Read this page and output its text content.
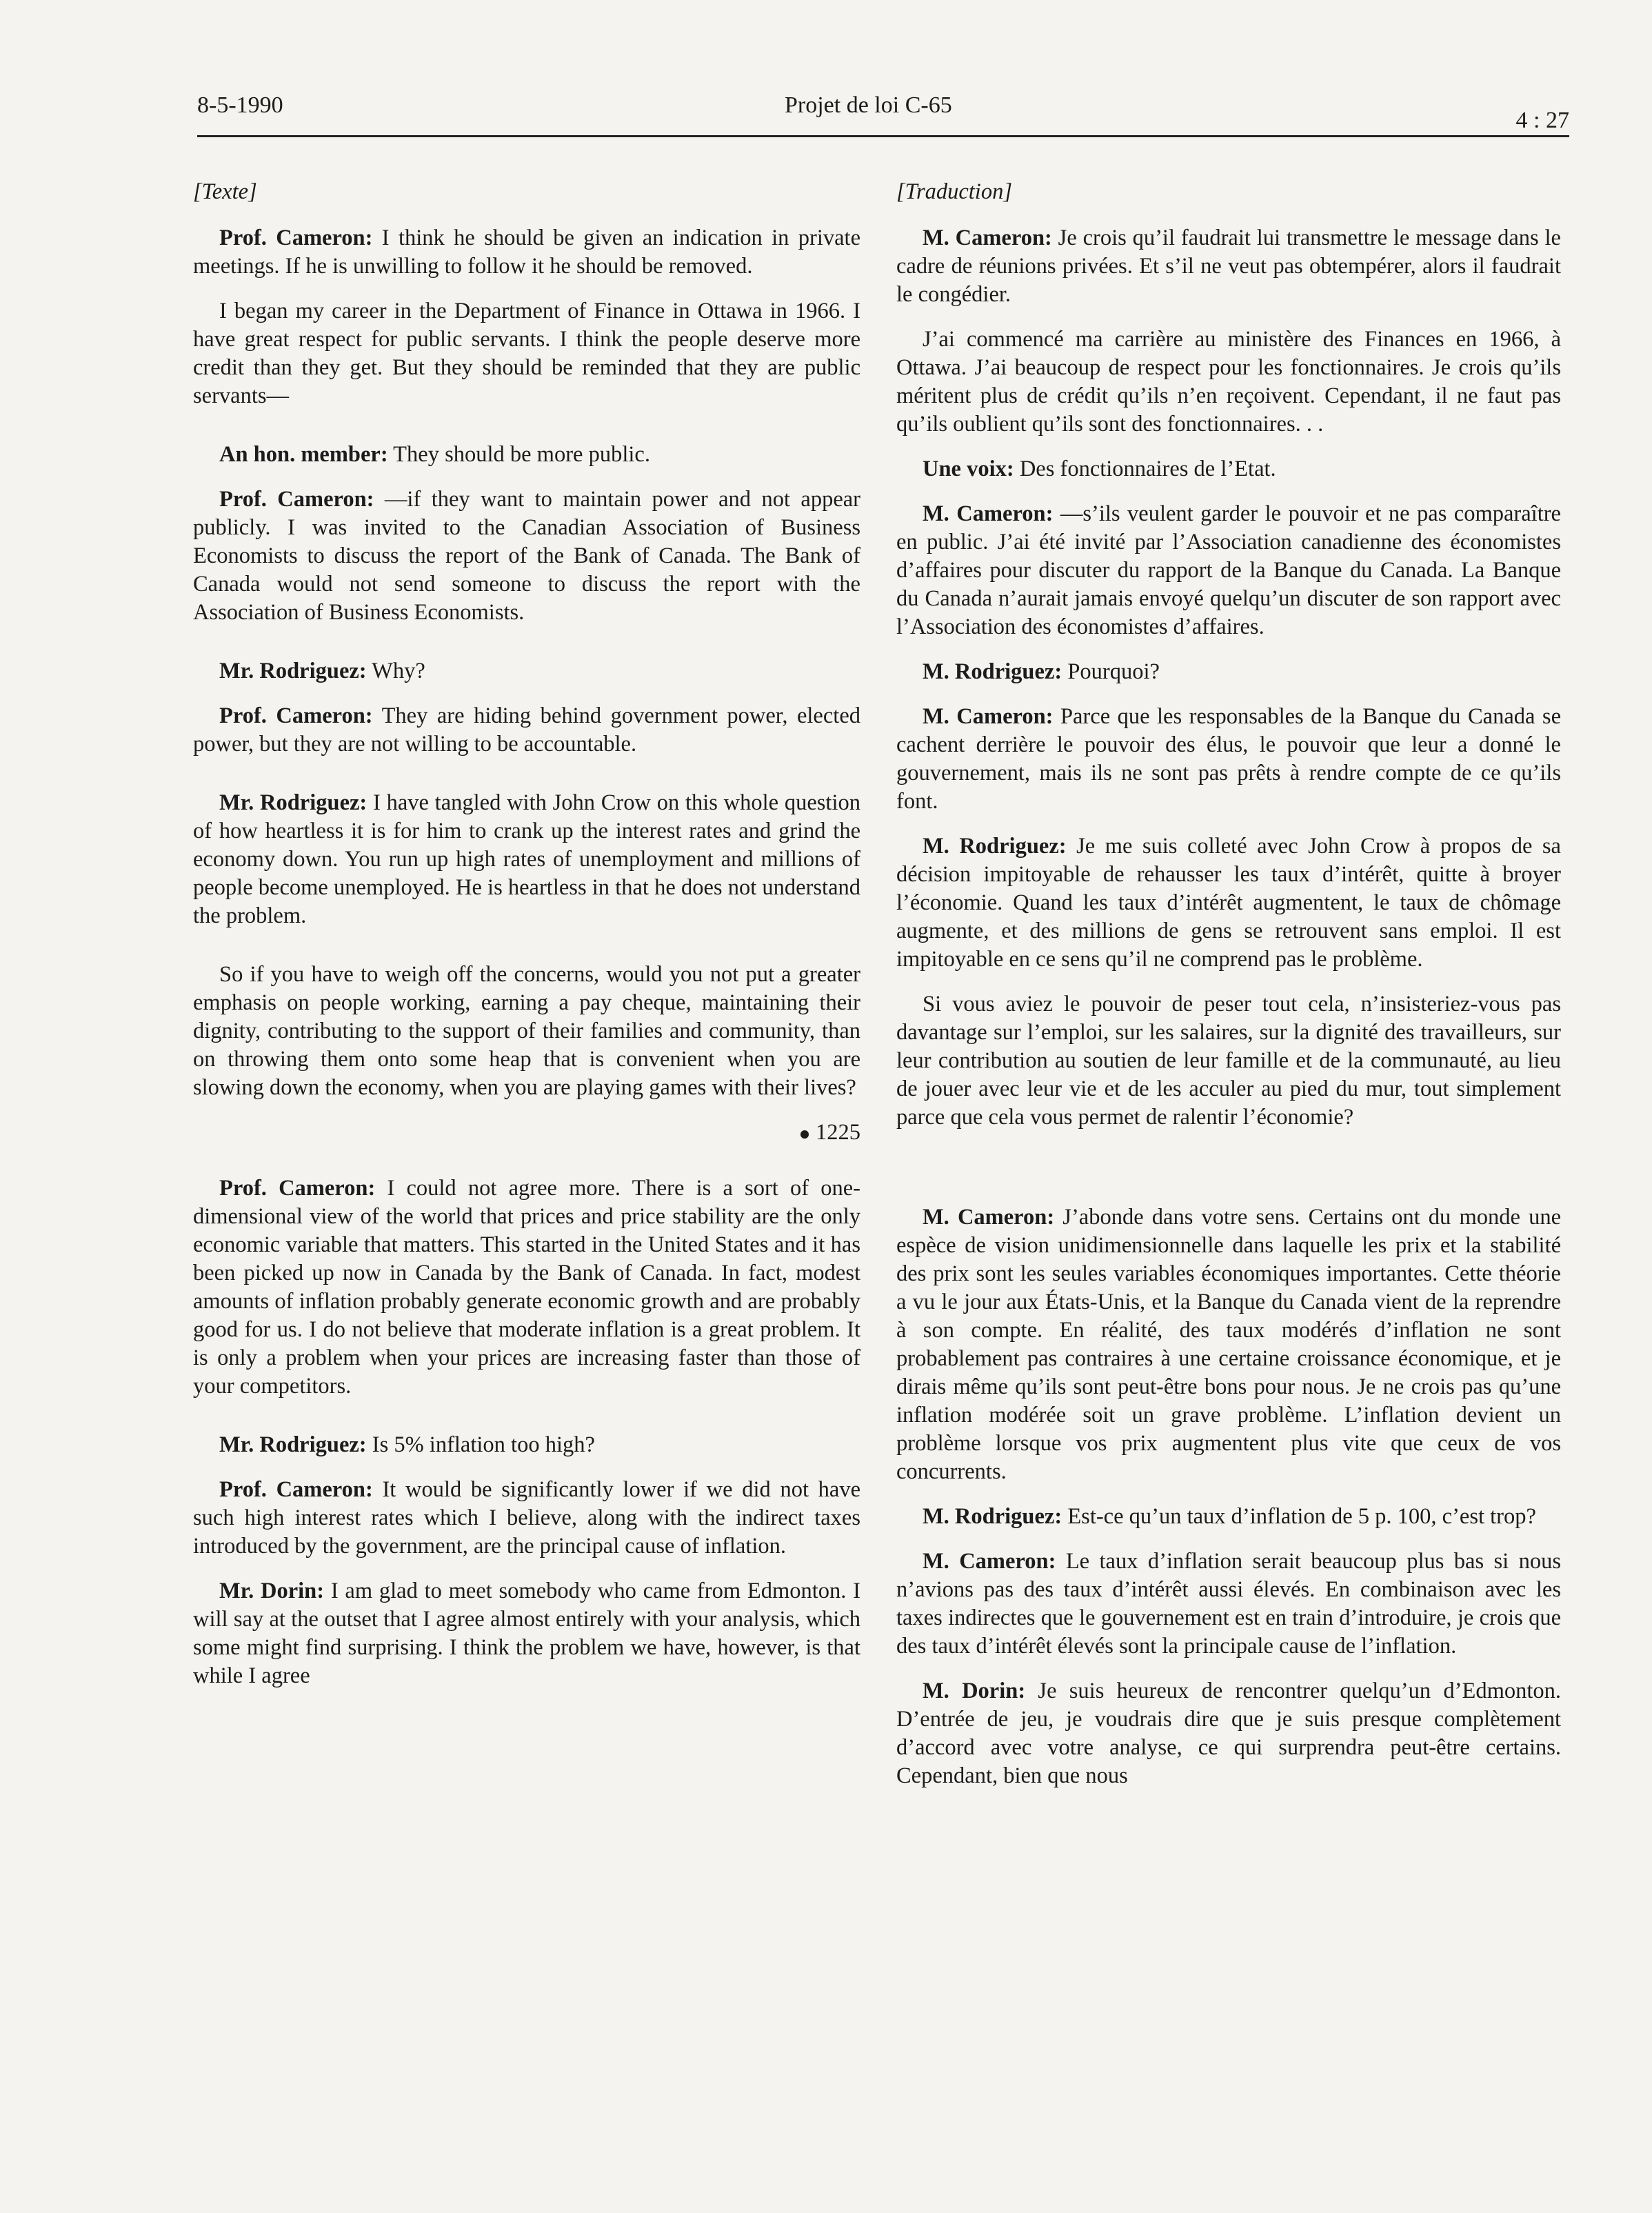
8-5-1990	Projet de loi C-65
4 : 27

[Texte]

Prof. Cameron: I think he should be given an indication in private meetings. If he is unwilling to follow it he should be removed.

I began my career in the Department of Finance in Ottawa in 1966. I have great respect for public servants. I think the people deserve more credit than they get. But they should be reminded that they are public servants—

An hon. member: They should be more public.

Prof. Cameron: —if they want to maintain power and not appear publicly. I was invited to the Canadian Association of Business Economists to discuss the report of the Bank of Canada. The Bank of Canada would not send someone to discuss the report with the Association of Business Economists.

Mr. Rodriguez: Why?

Prof. Cameron: They are hiding behind government power, elected power, but they are not willing to be accountable.

Mr. Rodriguez: I have tangled with John Crow on this whole question of how heartless it is for him to crank up the interest rates and grind the economy down. You run up high rates of unemployment and millions of people become unemployed. He is heartless in that he does not understand the problem.

So if you have to weigh off the concerns, would you not put a greater emphasis on people working, earning a pay cheque, maintaining their dignity, contributing to the support of their families and community, than on throwing them onto some heap that is convenient when you are slowing down the economy, when you are playing games with their lives?

1225

Prof. Cameron: I could not agree more. There is a sort of one-dimensional view of the world that prices and price stability are the only economic variable that matters. This started in the United States and it has been picked up now in Canada by the Bank of Canada. In fact, modest amounts of inflation probably generate economic growth and are probably good for us. I do not believe that moderate inflation is a great problem. It is only a problem when your prices are increasing faster than those of your competitors.

Mr. Rodriguez: Is 5% inflation too high?

Prof. Cameron: It would be significantly lower if we did not have such high interest rates which I believe, along with the indirect taxes introduced by the government, are the principal cause of inflation.

Mr. Dorin: I am glad to meet somebody who came from Edmonton. I will say at the outset that I agree almost entirely with your analysis, which some might find surprising. I think the problem we have, however, is that while I agree

[Traduction]

M. Cameron: Je crois qu’il faudrait lui transmettre le message dans le cadre de réunions privées. Et s’il ne veut pas obtempérer, alors il faudrait le congédier.

J’ai commencé ma carrière au ministère des Finances en 1966, à Ottawa. J’ai beaucoup de respect pour les fonctionnaires. Je crois qu’ils méritent plus de crédit qu’ils n’en reçoivent. Cependant, il ne faut pas qu’ils oublient qu’ils sont des fonctionnaires. . .

Une voix: Des fonctionnaires de l’Etat.

M. Cameron: —s’ils veulent garder le pouvoir et ne pas comparaître en public. J’ai été invité par l’Association canadienne des économistes d’affaires pour discuter du rapport de la Banque du Canada. La Banque du Canada n’aurait jamais envoyé quelqu’un discuter de son rapport avec l’Association des économistes d’affaires.

M. Rodriguez: Pourquoi?

M. Cameron: Parce que les responsables de la Banque du Canada se cachent derrière le pouvoir des élus, le pouvoir que leur a donné le gouvernement, mais ils ne sont pas prêts à rendre compte de ce qu’ils font.

M. Rodriguez: Je me suis colleté avec John Crow à propos de sa décision impitoyable de rehausser les taux d’intérêt, quitte à broyer l’économie. Quand les taux d’intérêt augmentent, le taux de chômage augmente, et des millions de gens se retrouvent sans emploi. Il est impitoyable en ce sens qu’il ne comprend pas le problème.

Si vous aviez le pouvoir de peser tout cela, n’insisteriez-vous pas davantage sur l’emploi, sur les salaires, sur la dignité des travailleurs, sur leur contribution au soutien de leur famille et de la communauté, au lieu de jouer avec leur vie et de les acculer au pied du mur, tout simplement parce que cela vous permet de ralentir l’économie?

M. Cameron: J’abonde dans votre sens. Certains ont du monde une espèce de vision unidimensionnelle dans laquelle les prix et la stabilité des prix sont les seules variables économiques importantes. Cette théorie a vu le jour aux États-Unis, et la Banque du Canada vient de la reprendre à son compte. En réalité, des taux modérés d’inflation ne sont probablement pas contraires à une certaine croissance économique, et je dirais même qu’ils sont peut-être bons pour nous. Je ne crois pas qu’une inflation modérée soit un grave problème. L’inflation devient un problème lorsque vos prix augmentent plus vite que ceux de vos concurrents.

M. Rodriguez: Est-ce qu’un taux d’inflation de 5 p. 100, c’est trop?

M. Cameron: Le taux d’inflation serait beaucoup plus bas si nous n’avions pas des taux d’intérêt aussi élevés. En combinaison avec les taxes indirectes que le gouvernement est en train d’introduire, je crois que des taux d’intérêt élevés sont la principale cause de l’inflation.

M. Dorin: Je suis heureux de rencontrer quelqu’un d’Edmonton. D’entrée de jeu, je voudrais dire que je suis presque complètement d’accord avec votre analyse, ce qui surprendra peut-être certains. Cependant, bien que nous
